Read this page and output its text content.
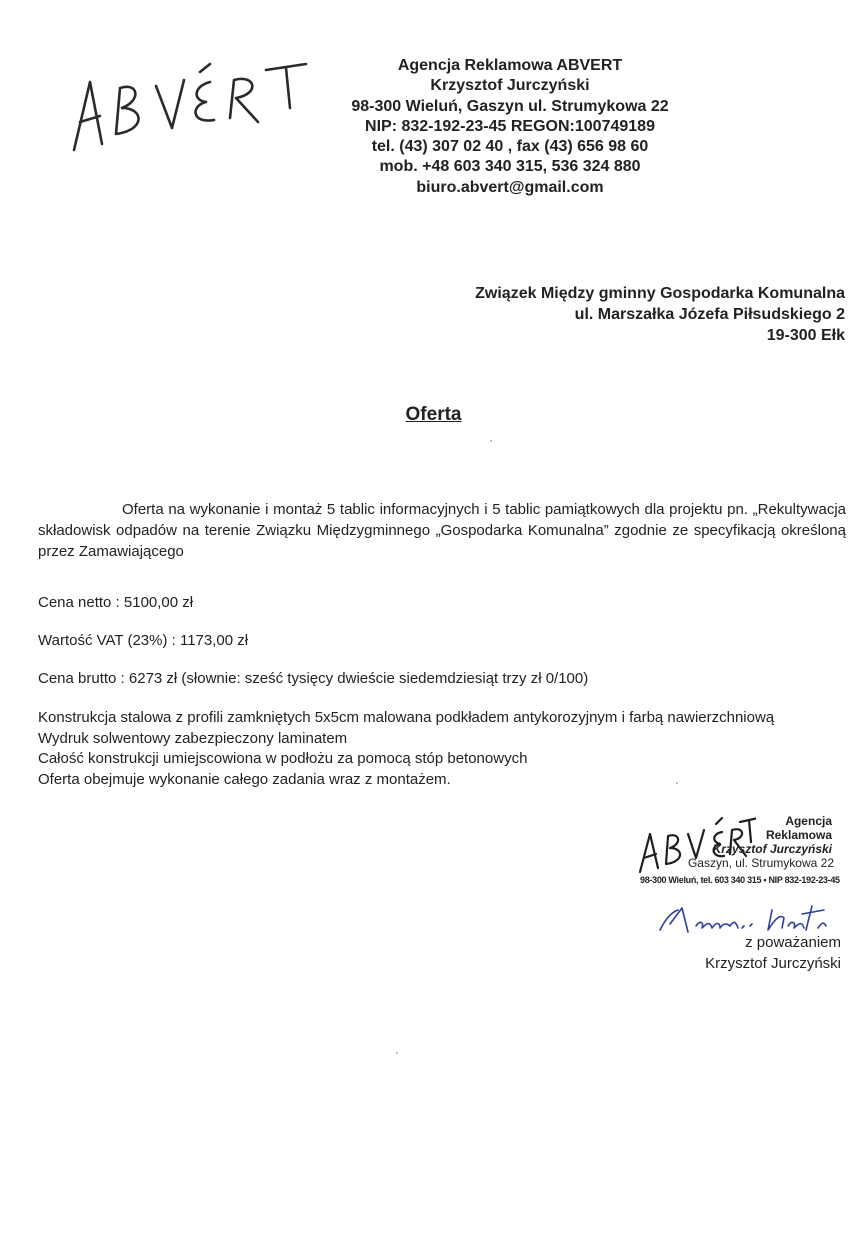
Agencja Reklamowa ABVERT
Krzysztof Jurczyński
98-300 Wieluń, Gaszyn ul. Strumykowa 22
NIP: 832-192-23-45 REGON:100749189
tel. (43) 307 02 40 , fax (43) 656 98 60
mob. +48 603 340 315, 536 324 880
biuro.abvert@gmail.com
Związek Między gminny Gospodarka Komunalna
ul. Marszałka Józefa Piłsudskiego 2
19-300 Ełk
Oferta
Oferta na wykonanie i montaż 5 tablic informacyjnych i 5 tablic pamiątkowych dla projektu pn. „Rekultywacja składowisk odpadów na terenie Związku Międzygminnego „Gospodarka Komunalna” zgodnie ze specyfikacją określoną przez Zamawiającego
Cena netto : 5100,00 zł
Wartość VAT (23%) : 1173,00 zł
Cena brutto : 6273 zł (słownie: sześć tysięcy dwieście siedemdziesiąt trzy zł 0/100)
Konstrukcja stalowa z profili zamkniętych 5x5cm malowana podkładem antykorozyjnym i farbą nawierzchniową
Wydruk solwentowy zabezpieczony laminatem
Całość konstrukcji umiejscowiona w podłożu za pomocą stóp betonowych
Oferta obejmuje wykonanie całego zadania wraz z montażem.
Agencja
Reklamowa
Krzysztof Jurczyński
Gaszyn, ul. Strumykowa 22
98-300 Wieluń, tel. 603 340 315 • NIP 832-192-23-45
z poważaniem
Krzysztof Jurczyński
